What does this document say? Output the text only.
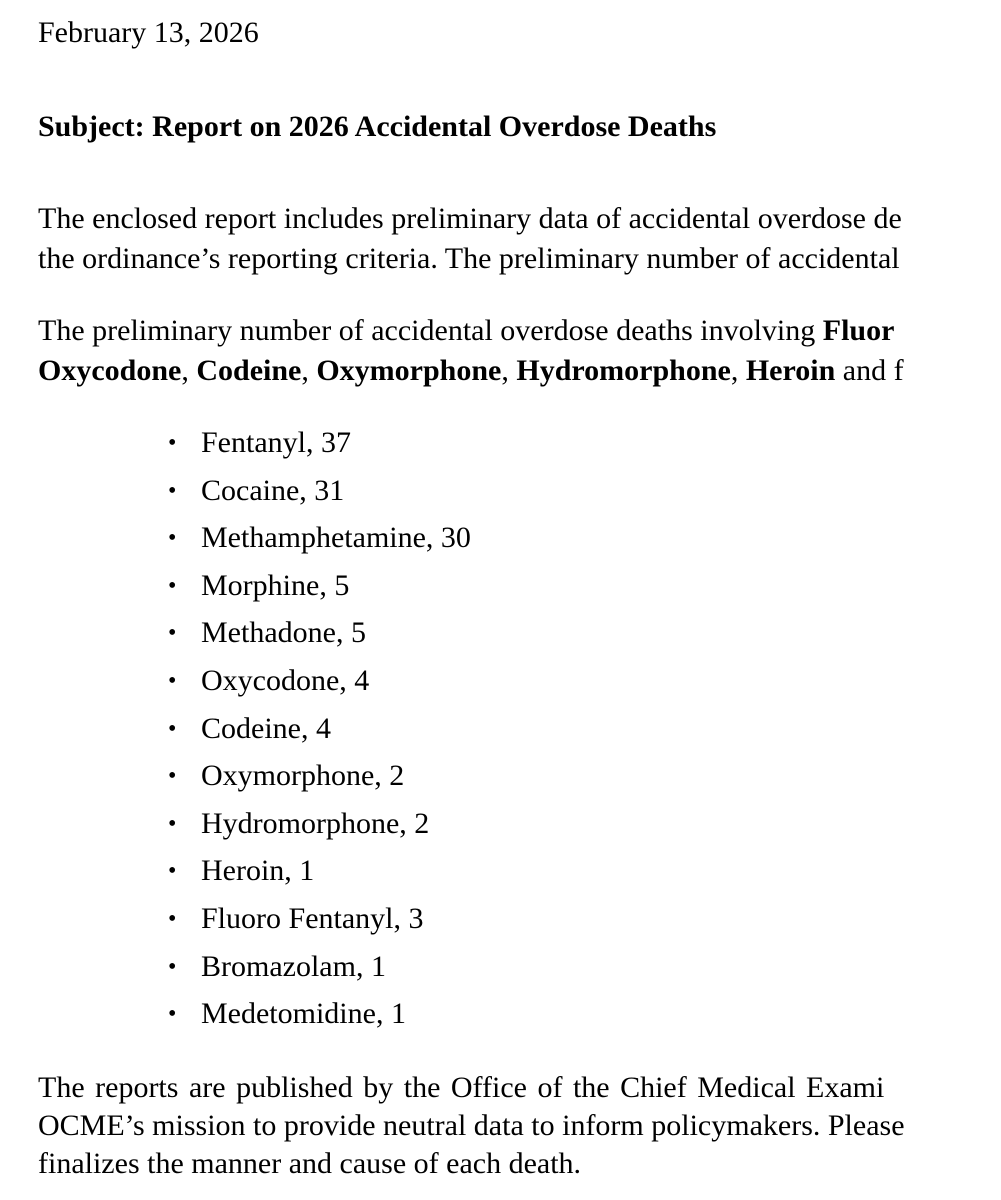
February 13, 2026
Subject: Report on 2026 Accidental Overdose Deaths
The enclosed report includes preliminary data of accidental overdose de
the ordinance’s reporting criteria. The preliminary number of accidental
The preliminary number of accidental overdose deaths involving Fluor
Oxycodone, Codeine, Oxymorphone, Hydromorphone, Heroin and f
• Fentanyl, 37
• Cocaine, 31
• Methamphetamine, 30
• Morphine, 5
• Methadone, 5
• Oxycodone, 4
• Codeine, 4
• Oxymorphone, 2
• Hydromorphone, 2
• Heroin, 1
• Fluoro Fentanyl, 3
• Bromazolam, 1
• Medetomidine, 1
The reports are published by the Office of the Chief Medical Exami
OCME’s mission to provide neutral data to inform policymakers. Please
finalizes the manner and cause of each death.
